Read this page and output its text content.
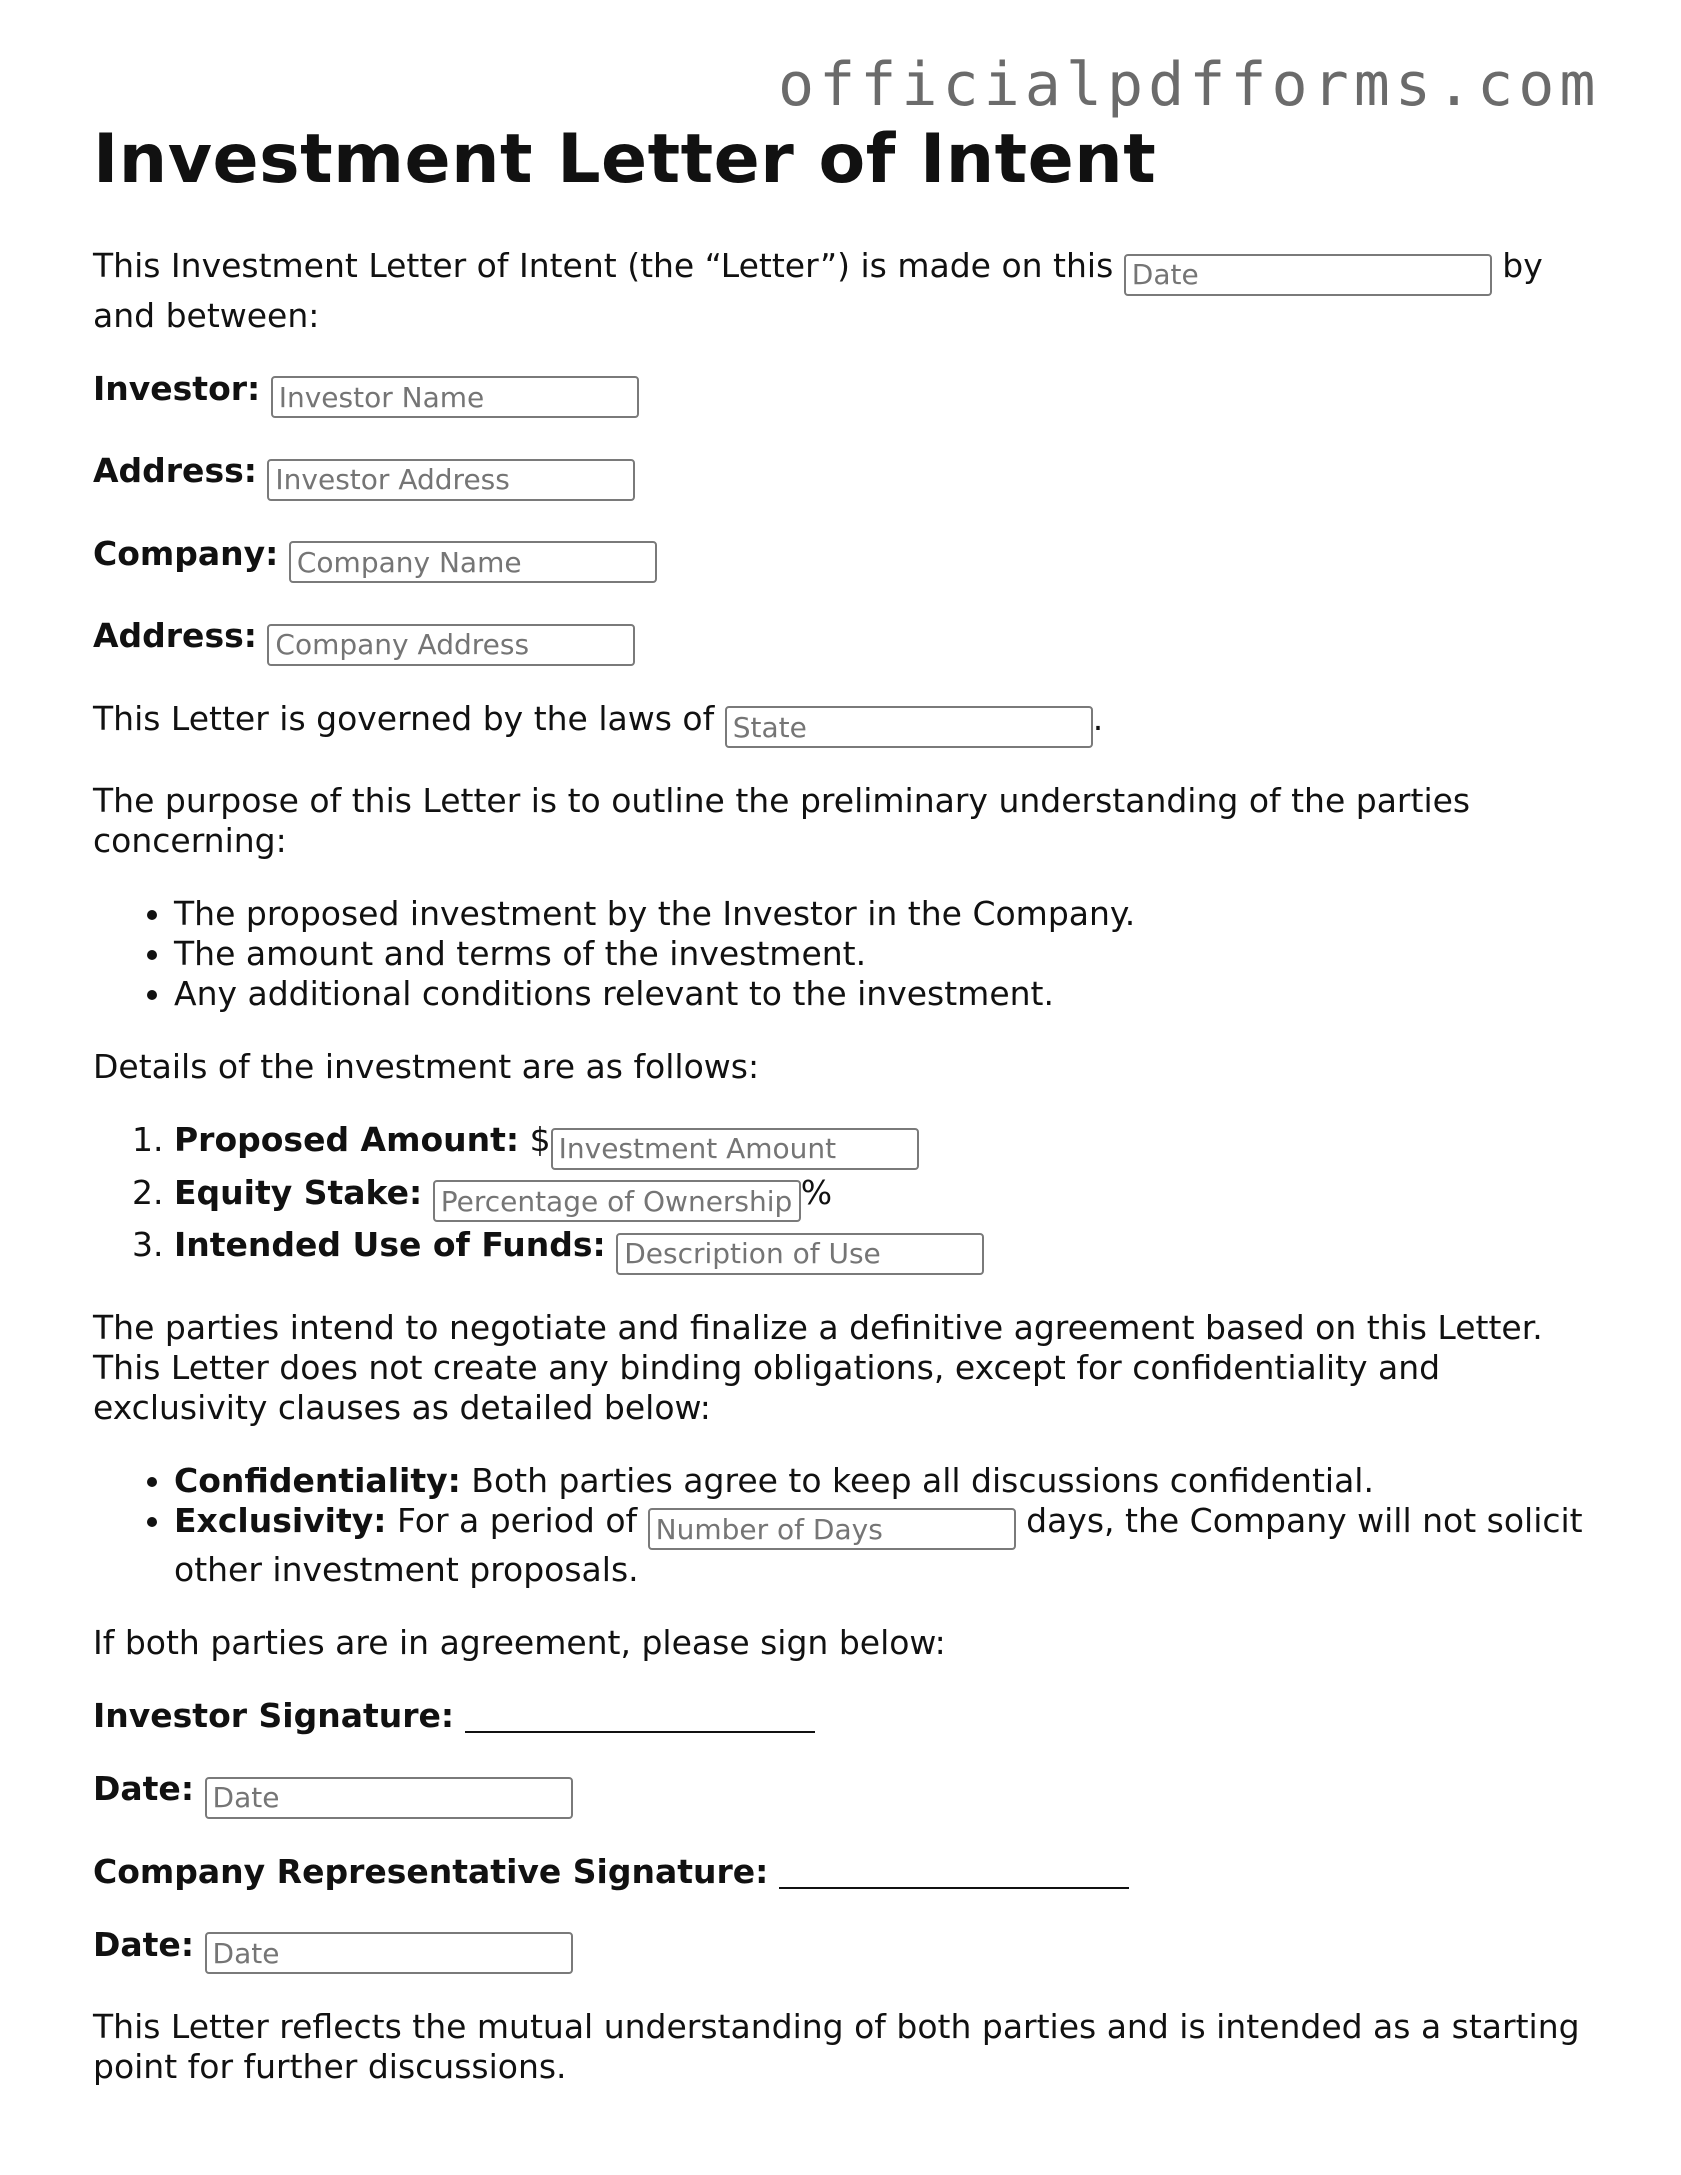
officialpdfforms.com
Investment Letter of Intent

This Investment Letter of Intent (the “Letter”) is made on this Date	by and between:

Investor: Investor Name

Address: Investor Address

Company: Company Name

Address: Company Address

This Letter is governed by the laws of State	.

The purpose of this Letter is to outline the preliminary understanding of the parties concerning:

• The proposed investment by the Investor in the Company.
• The amount and terms of the investment.
• Any additional conditions relevant to the investment.

Details of the investment are as follows:

1. Proposed Amount: $Investment Amount
2. Equity Stake: Percentage of Ownership	%
3. Intended Use of Funds: Description of Use

The parties intend to negotiate and finalize a definitive agreement based on this Letter. This Letter does not create any binding obligations, except for confidentiality and exclusivity clauses as detailed below:

• Confidentiality: Both parties agree to keep all discussions confidential.
• Exclusivity: For a period of Number of Days	days, the Company will not solicit other investment proposals.

If both parties are in agreement, please sign below:

Investor Signature:

Date: Date

Company Representative Signature:

Date: Date

This Letter reflects the mutual understanding of both parties and is intended as a starting point for further discussions.
